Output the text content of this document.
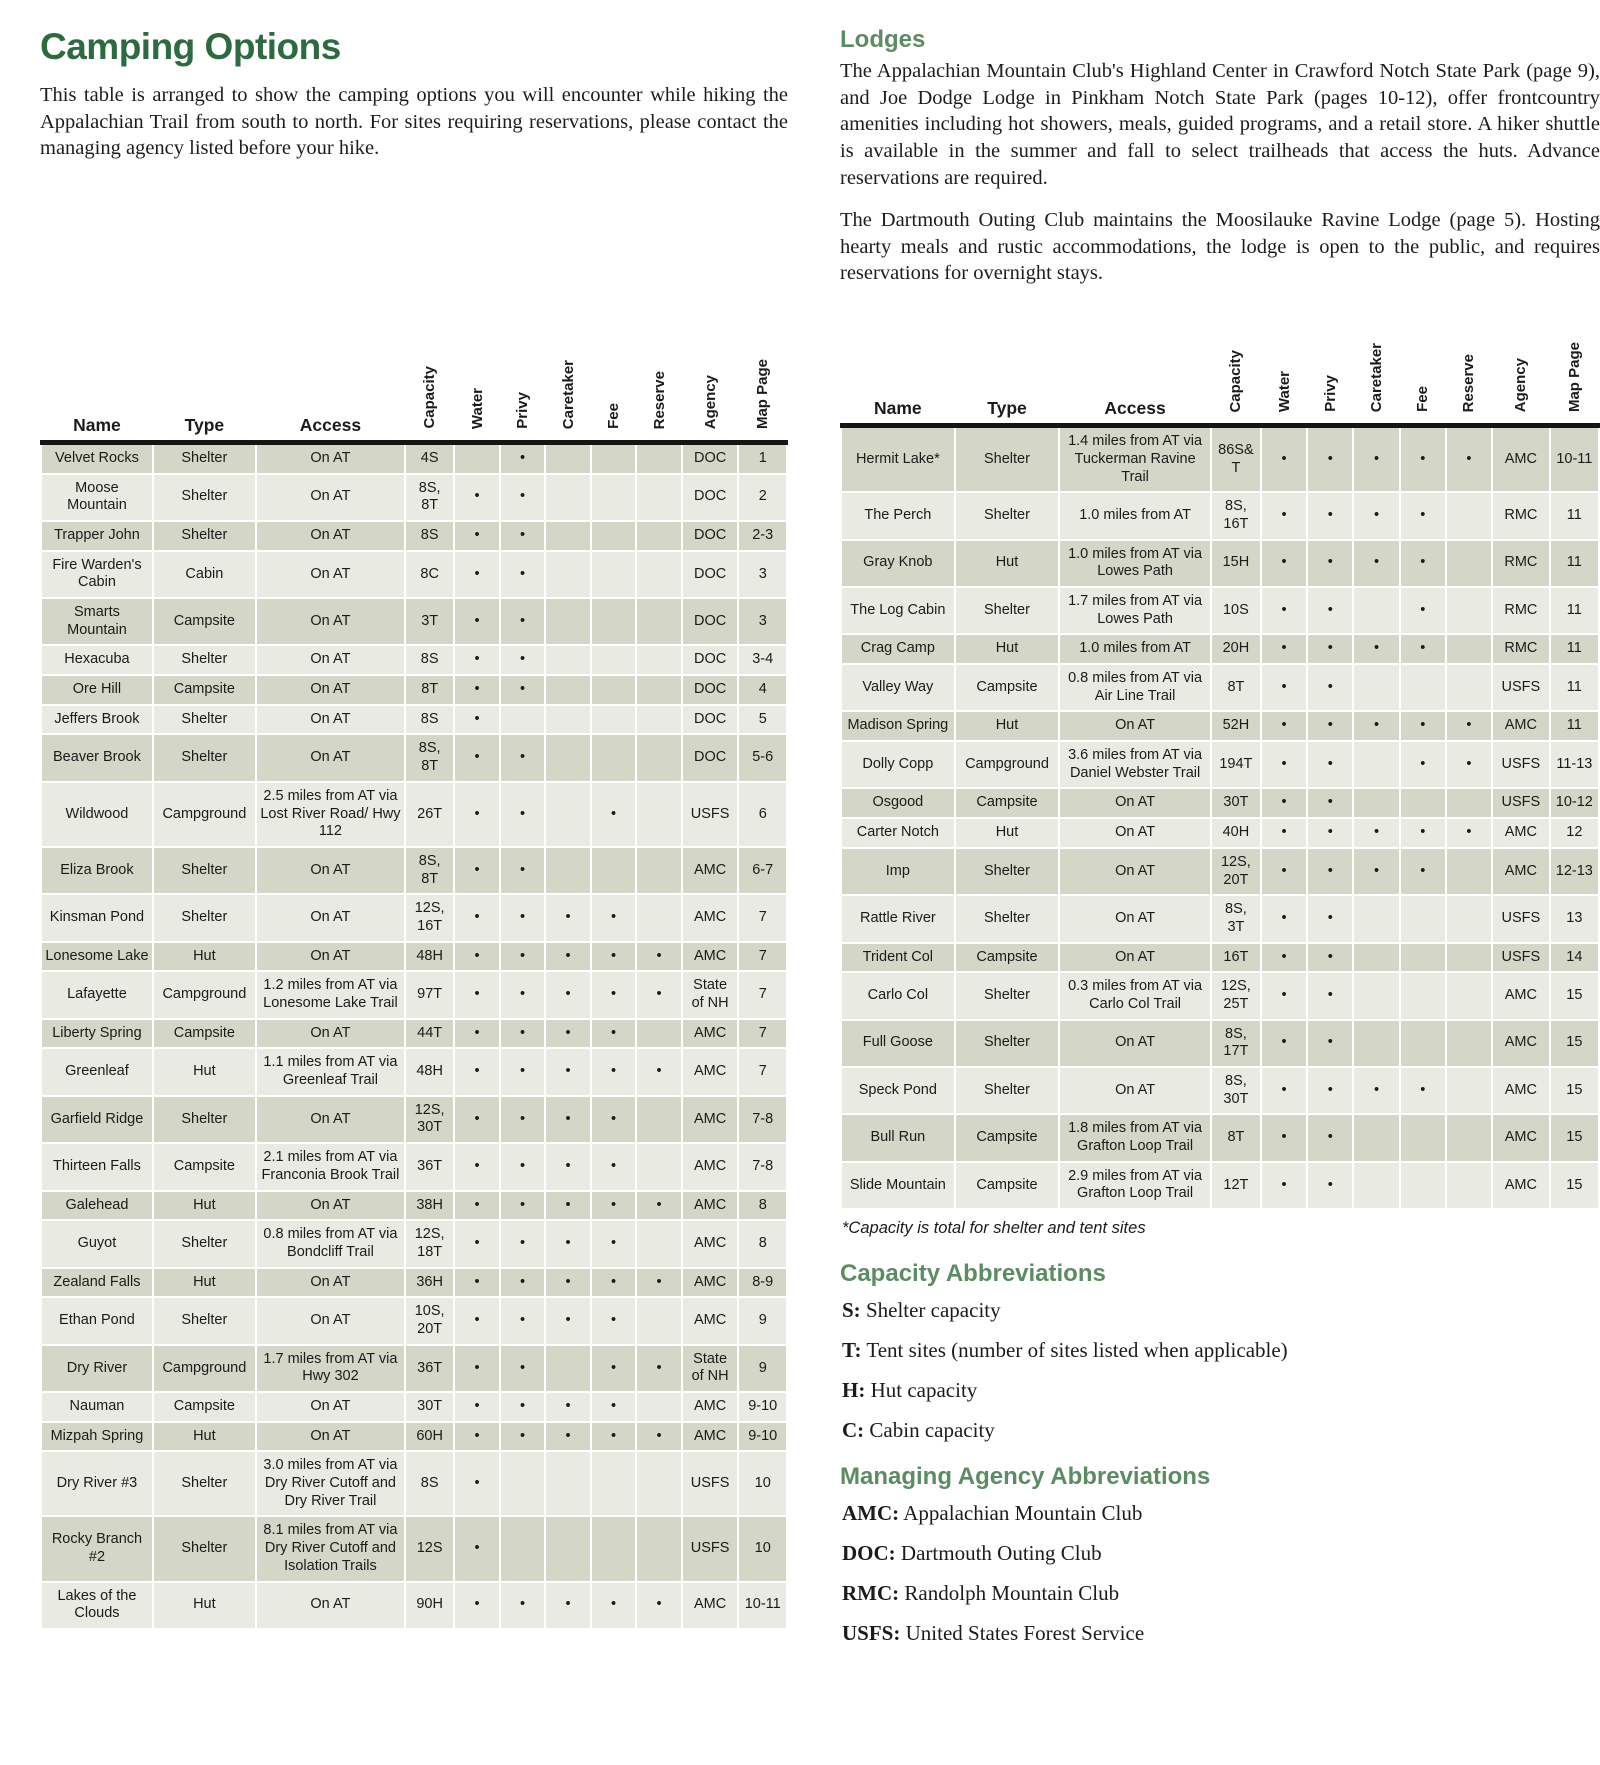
Camping Options

This table is arranged to show the camping options you will encounter while hiking the Appalachian Trail from south to north. For sites requiring reservations, please contact the managing agency listed before your hike.

Name	Type	Access	Capacity	Water	Privy	Caretaker	Fee	Reserve	Agency	Map Page
Velvet Rocks	Shelter	On AT	4S		•				DOC	1
Moose Mountain	Shelter	On AT	8S, 8T	•	•				DOC	2
Trapper John	Shelter	On AT	8S	•	•				DOC	2-3
Fire Warden's Cabin	Cabin	On AT	8C	•	•				DOC	3
Smarts Mountain	Campsite	On AT	3T	•	•				DOC	3
Hexacuba	Shelter	On AT	8S	•	•				DOC	3-4
Ore Hill	Campsite	On AT	8T	•	•				DOC	4
Jeffers Brook	Shelter	On AT	8S	•					DOC	5
Beaver Brook	Shelter	On AT	8S, 8T	•	•				DOC	5-6
Wildwood	Campground	2.5 miles from AT via Lost River Road/ Hwy 112	26T	•	•		•		USFS	6
Eliza Brook	Shelter	On AT	8S, 8T	•	•				AMC	6-7
Kinsman Pond	Shelter	On AT	12S, 16T	•	•	•	•		AMC	7
Lonesome Lake	Hut	On AT	48H	•	•	•	•	•	AMC	7
Lafayette	Campground	1.2 miles from AT via Lonesome Lake Trail	97T	•	•	•	•	•	State of NH	7
Liberty Spring	Campsite	On AT	44T	•	•	•	•		AMC	7
Greenleaf	Hut	1.1 miles from AT via Greenleaf Trail	48H	•	•	•	•	•	AMC	7
Garfield Ridge	Shelter	On AT	12S, 30T	•	•	•	•		AMC	7-8
Thirteen Falls	Campsite	2.1 miles from AT via Franconia Brook Trail	36T	•	•	•	•		AMC	7-8
Galehead	Hut	On AT	38H	•	•	•	•	•	AMC	8
Guyot	Shelter	0.8 miles from AT via Bondcliff Trail	12S, 18T	•	•	•	•		AMC	8
Zealand Falls	Hut	On AT	36H	•	•	•	•	•	AMC	8-9
Ethan Pond	Shelter	On AT	10S, 20T	•	•	•	•		AMC	9
Dry River	Campground	1.7 miles from AT via Hwy 302	36T	•	•		•	•	State of NH	9
Nauman	Campsite	On AT	30T	•	•	•	•		AMC	9-10
Mizpah Spring	Hut	On AT	60H	•	•	•	•	•	AMC	9-10
Dry River #3	Shelter	3.0 miles from AT via Dry River Cutoff and Dry River Trail	8S	•					USFS	10
Rocky Branch #2	Shelter	8.1 miles from AT via Dry River Cutoff and Isolation Trails	12S	•					USFS	10
Lakes of the Clouds	Hut	On AT	90H	•	•	•	•	•	AMC	10-11
Lodges

The Appalachian Mountain Club's Highland Center in Crawford Notch State Park (page 9), and Joe Dodge Lodge in Pinkham Notch State Park (pages 10-12), offer frontcountry amenities including hot showers, meals, guided programs, and a retail store. A hiker shuttle is available in the summer and fall to select trailheads that access the huts. Advance reservations are required.

The Dartmouth Outing Club maintains the Moosilauke Ravine Lodge (page 5). Hosting hearty meals and rustic accommodations, the lodge is open to the public, and requires reservations for overnight stays.

Name	Type	Access	Capacity	Water	Privy	Caretaker	Fee	Reserve	Agency	Map Page
Hermit Lake*	Shelter	1.4 miles from AT via Tuckerman Ravine Trail	86S&T	•	•	•	•	•	AMC	10-11
The Perch	Shelter	1.0 miles from AT	8S, 16T	•	•	•	•		RMC	11
Gray Knob	Hut	1.0 miles from AT via Lowes Path	15H	•	•	•	•		RMC	11
The Log Cabin	Shelter	1.7 miles from AT via Lowes Path	10S	•	•		•		RMC	11
Crag Camp	Hut	1.0 miles from AT	20H	•	•	•	•		RMC	11
Valley Way	Campsite	0.8 miles from AT via Air Line Trail	8T	•	•				USFS	11
Madison Spring	Hut	On AT	52H	•	•	•	•	•	AMC	11
Dolly Copp	Campground	3.6 miles from AT via Daniel Webster Trail	194T	•	•		•	•	USFS	11-13
Osgood	Campsite	On AT	30T	•	•				USFS	10-12
Carter Notch	Hut	On AT	40H	•	•	•	•	•	AMC	12
Imp	Shelter	On AT	12S, 20T	•	•	•	•		AMC	12-13
Rattle River	Shelter	On AT	8S, 3T	•	•				USFS	13
Trident Col	Campsite	On AT	16T	•	•				USFS	14
Carlo Col	Shelter	0.3 miles from AT via Carlo Col Trail	12S, 25T	•	•				AMC	15
Full Goose	Shelter	On AT	8S, 17T	•	•				AMC	15
Speck Pond	Shelter	On AT	8S, 30T	•	•	•	•		AMC	15
Bull Run	Campsite	1.8 miles from AT via Grafton Loop Trail	8T	•	•				AMC	15
Slide Mountain	Campsite	2.9 miles from AT via Grafton Loop Trail	12T	•	•				AMC	15

*Capacity is total for shelter and tent sites

Capacity Abbreviations

S: Shelter capacity

T: Tent sites (number of sites listed when applicable)

H: Hut capacity

C: Cabin capacity

Managing Agency Abbreviations

AMC: Appalachian Mountain Club

DOC: Dartmouth Outing Club

RMC: Randolph Mountain Club

USFS: United States Forest Service
